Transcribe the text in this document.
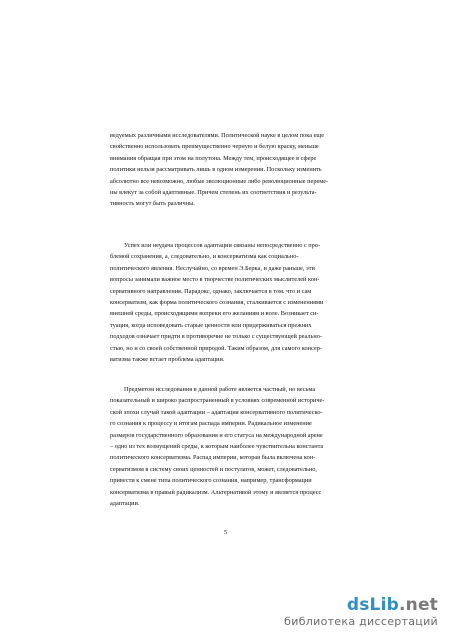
ведуемых различными исследователями. Политической науке в целом пока еще
свойственно использовать преимущественно черную и белую краску, меньше
внимания обращая при этом на полутона. Между тем, происходящее в сфере
политики нельзя рассматривать лишь в одном измерении. Поскольку изменить
абсолютно все невозможно, любые эволюционные либо революционные переме-
ны влекут за собой адаптивные. Причем степень их соответствия и результа-
тивность могут быть различны.
Успех или неудача процессов адаптации связаны непосредственно с про-
блемой сохранения, а, следовательно, и консерватизма как социально-
политического явления. Неслучайно, со времен Э.Берка, и даже раньше, эти
вопросы занимали важное место в творчестве политических мыслителей кон-
сервативного направления. Парадокс, однако, заключается в том. что и сам
консерватизм, как форма политического сознания, сталкивается с изменениями
внешней среды, происходящими вопреки его желаниям и воле. Возникает си-
туация, когда исповедовать старые ценности или придерживаться прежних
подходов означает придти в противоречие не только с существующей реально-
стью, но и со своей собственной природой. Таким образом, для самого консер-
ватизма также встает проблема адаптации.
Предметом исследования в данной работе является частный, но весьма
показательный и широко распространенный в условиях современной историче-
ской эпохи случай такой адаптации – адаптация консервативного политическо-
го сознания к процессу и итогам распада империи. Радикальное изменение
размеров государственного образования и его статуса на международной арене
– одно из тех возмущений среды, к которым наиболее чувствительна константа
политического консерватизма. Распад империи, которая была включена кон-
серватизмом в систему своих ценностей и постулатов, может, следовательно,
привести к смене типа политического сознания, например, трансформации
консерватизма в правый радикализм. Альтернативой этому и является процесс
адаптации.
5
dsLib.net
библиотека диссертаций
